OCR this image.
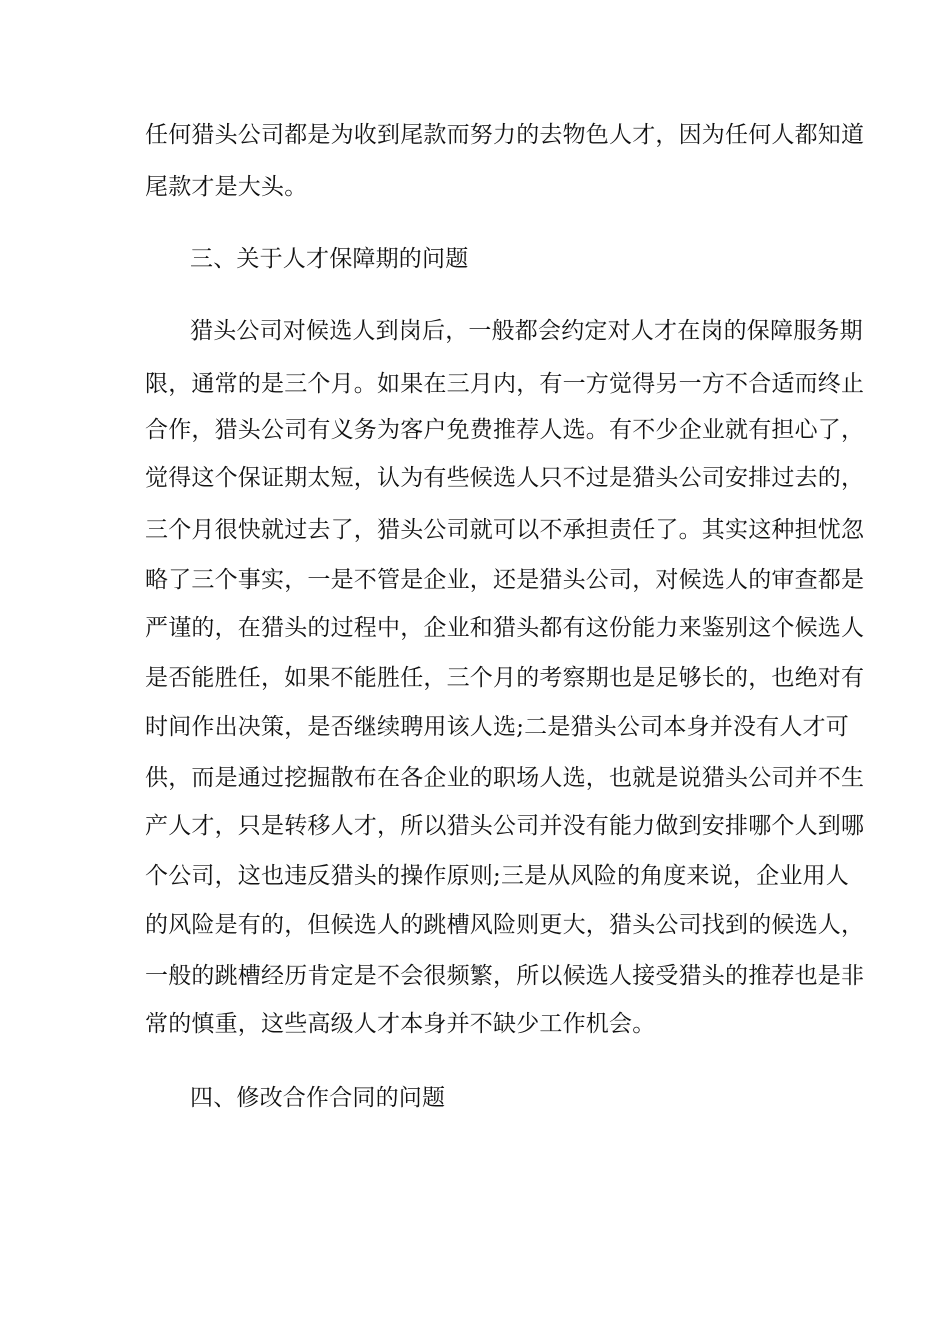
任何猎头公司都是为收到尾款而努力的去物色人才，因为任何人都知道
尾款才是大头。
三、关于人才保障期的问题
猎头公司对候选人到岗后，一般都会约定对人才在岗的保障服务期
限，通常的是三个月。如果在三月内，有一方觉得另一方不合适而终止
合作，猎头公司有义务为客户免费推荐人选。有不少企业就有担心了，
觉得这个保证期太短，认为有些候选人只不过是猎头公司安排过去的，
三个月很快就过去了，猎头公司就可以不承担责任了。其实这种担忧忽
略了三个事实，一是不管是企业，还是猎头公司，对候选人的审查都是
严谨的，在猎头的过程中，企业和猎头都有这份能力来鉴别这个候选人
是否能胜任，如果不能胜任，三个月的考察期也是足够长的，也绝对有
时间作出决策，是否继续聘用该人选;二是猎头公司本身并没有人才可
供，而是通过挖掘散布在各企业的职场人选，也就是说猎头公司并不生
产人才，只是转移人才，所以猎头公司并没有能力做到安排哪个人到哪
个公司，这也违反猎头的操作原则;三是从风险的角度来说，企业用人
的风险是有的，但候选人的跳槽风险则更大，猎头公司找到的候选人，
一般的跳槽经历肯定是不会很频繁，所以候选人接受猎头的推荐也是非
常的慎重，这些高级人才本身并不缺少工作机会。
四、修改合作合同的问题
